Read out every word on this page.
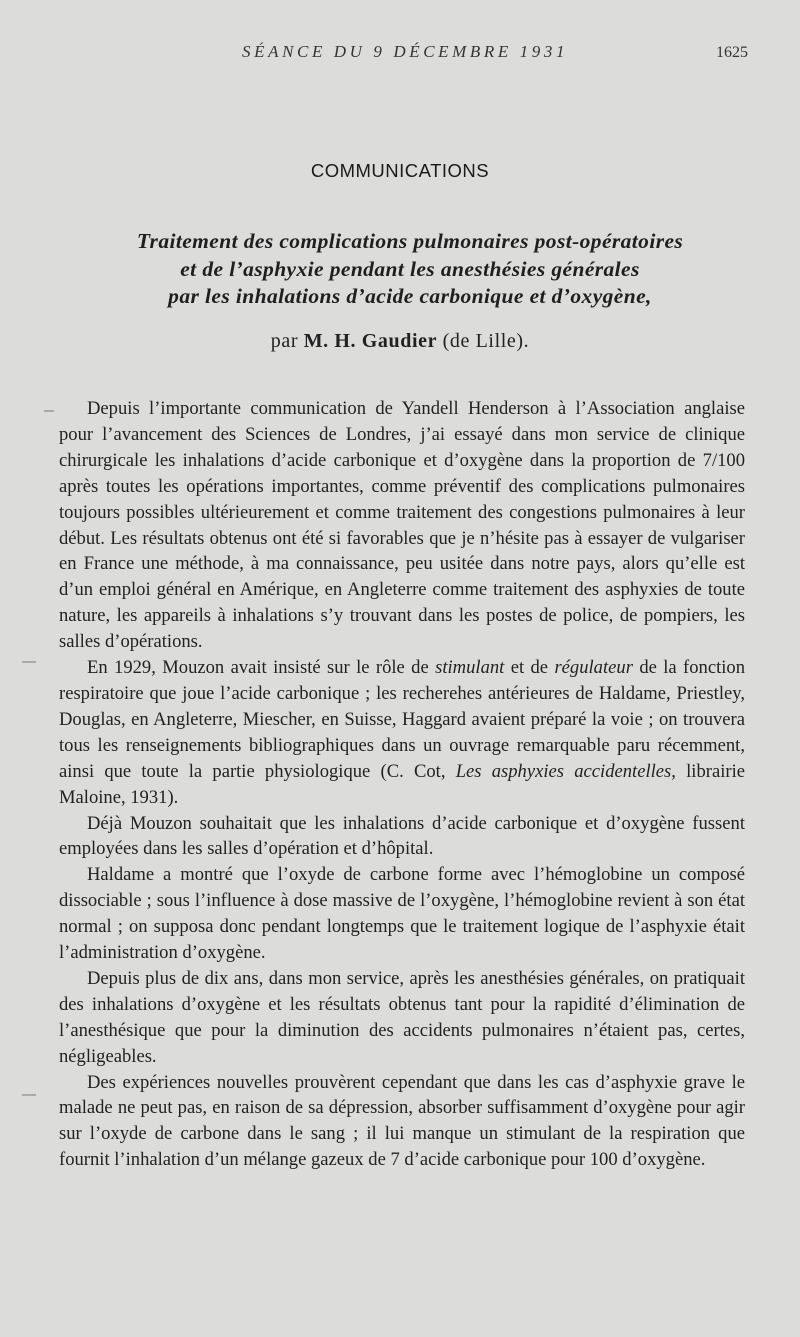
SÉANCE DU 9 DÉCEMBRE 1931	1625
COMMUNICATIONS
Traitement des complications pulmonaires post-opératoires
et de l’asphyxie pendant les anesthésies générales
par les inhalations d’acide carbonique et d’oxygène,
par M. H. Gaudier (de Lille).

Depuis l’importante communication de Yandell Henderson à l’Association anglaise pour l’avancement des Sciences de Londres, j’ai essayé dans mon service de clinique chirurgicale les inhalations d’acide carbonique et d’oxygène dans la proportion de 7/100 après toutes les opérations importantes, comme préventif des complications pulmonaires toujours possibles ultérieurement et comme traitement des congestions pulmonaires à leur début. Les résultats obtenus ont été si favorables que je n’hésite pas à essayer de vulgariser en France une méthode, à ma connaissance, peu usitée dans notre pays, alors qu’elle est d’un emploi général en Amérique, en Angleterre comme traitement des asphyxies de toute nature, les appareils à inhalations s’y trouvant dans les postes de police, de pompiers, les salles d’opérations.

En 1929, Mouzon avait insisté sur le rôle de stimulant et de régulateur de la fonction respiratoire que joue l’acide carbonique ; les recherehes antérieures de Haldame, Priestley, Douglas, en Angleterre, Miescher, en Suisse, Haggard avaient préparé la voie ; on trouvera tous les renseignements bibliographiques dans un ouvrage remarquable paru récemment, ainsi que toute la partie physiologique (C. Cot, Les asphyxies accidentelles, librairie Maloine, 1931).

Déjà Mouzon souhaitait que les inhalations d’acide carbonique et d’oxygène fussent employées dans les salles d’opération et d’hôpital.

Haldame a montré que l’oxyde de carbone forme avec l’hémoglobine un composé dissociable ; sous l’influence à dose massive de l’oxygène, l’hémoglobine revient à son état normal ; on supposa donc pendant longtemps que le traitement logique de l’asphyxie était l’administration d’oxygène.

Depuis plus de dix ans, dans mon service, après les anesthésies générales, on pratiquait des inhalations d’oxygène et les résultats obtenus tant pour la rapidité d’élimination de l’anesthésique que pour la diminution des accidents pulmonaires n’étaient pas, certes, négligeables.

Des expériences nouvelles prouvèrent cependant que dans les cas d’asphyxie grave le malade ne peut pas, en raison de sa dépression, absorber suffisamment d’oxygène pour agir sur l’oxyde de carbone dans le sang ; il lui manque un stimulant de la respiration que fournit l’inhalation d’un mélange gazeux de 7 d’acide carbonique pour 100 d’oxygène.
